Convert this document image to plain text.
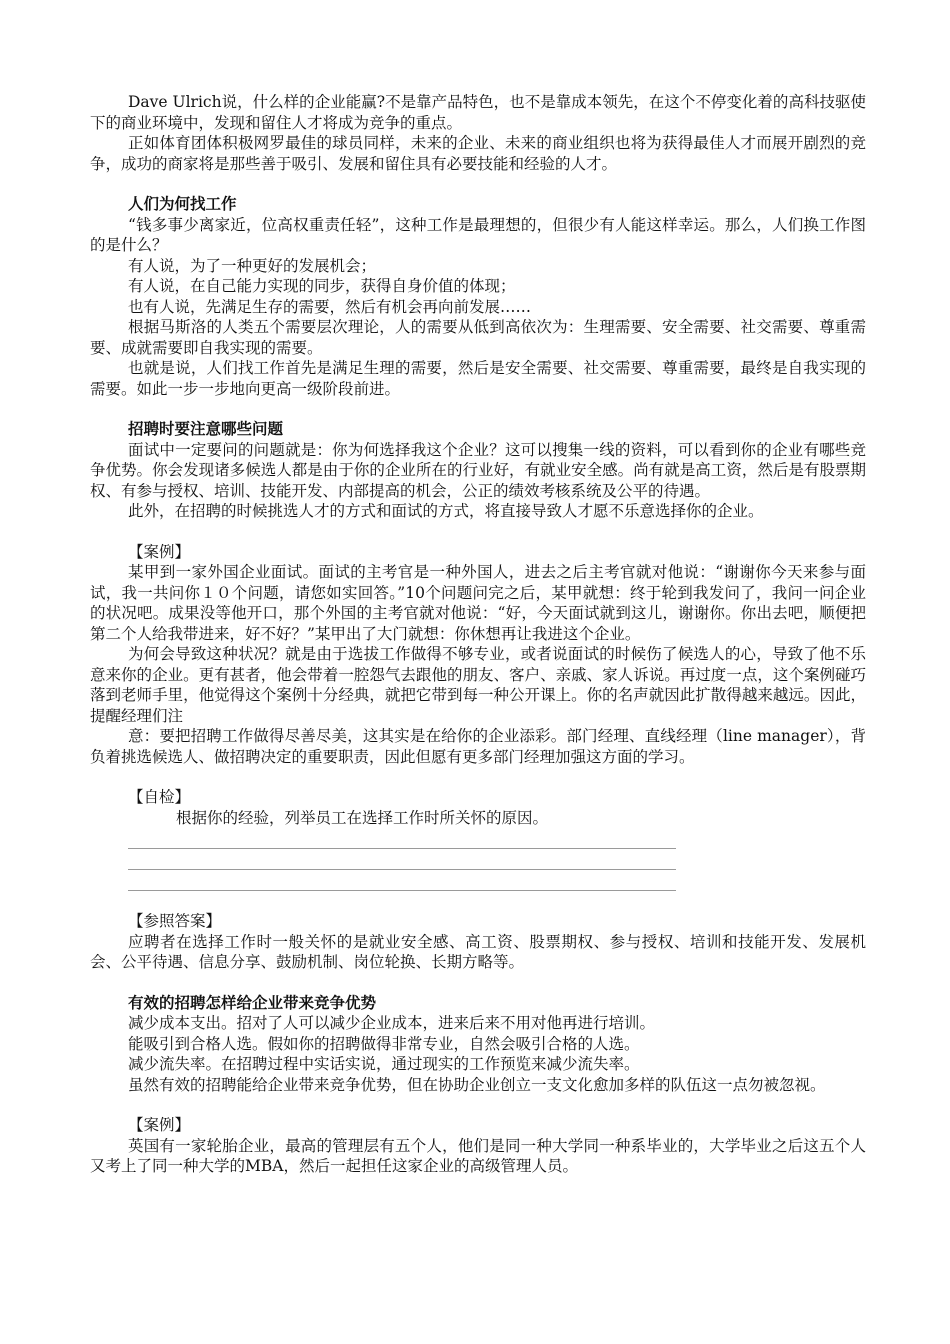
Dave Ulrich说，什么样的企业能赢?不是靠产品特色，也不是靠成本领先，在这个不停变化着的高科技驱使下的商业环境中，发现和留住人才将成为竞争的重点。

正如体育团体积极网罗最佳的球员同样，未来的企业、未来的商业组织也将为获得最佳人才而展开剧烈的竞争，成功的商家将是那些善于吸引、发展和留住具有必要技能和经验的人才。

人们为何找工作

“钱多事少离家近，位高权重责任轻”，这种工作是最理想的，但很少有人能这样幸运。那么，人们换工作图的是什么？

有人说，为了一种更好的发展机会；

有人说，在自己能力实现的同步，获得自身价值的体现；

也有人说，先满足生存的需要，然后有机会再向前发展……

根据马斯洛的人类五个需要层次理论，人的需要从低到高依次为：生理需要、安全需要、社交需要、尊重需要、成就需要即自我实现的需要。

也就是说，人们找工作首先是满足生理的需要，然后是安全需要、社交需要、尊重需要，最终是自我实现的需要。如此一步一步地向更高一级阶段前进。

招聘时要注意哪些问题

面试中一定要问的问题就是：你为何选择我这个企业？这可以搜集一线的资料，可以看到你的企业有哪些竞争优势。你会发现诸多候选人都是由于你的企业所在的行业好，有就业安全感。尚有就是高工资，然后是有股票期权、有参与授权、培训、技能开发、内部提高的机会，公正的绩效考核系统及公平的待遇。

此外，在招聘的时候挑选人才的方式和面试的方式，将直接导致人才愿不乐意选择你的企业。

【案例】

某甲到一家外国企业面试。面试的主考官是一种外国人，进去之后主考官就对他说：“谢谢你今天来参与面试，我一共问你１０个问题，请您如实回答。”10个问题问完之后，某甲就想：终于轮到我发问了，我问一问企业的状况吧。成果没等他开口，那个外国的主考官就对他说：“好，今天面试就到这儿，谢谢你。你出去吧，顺便把第二个人给我带进来，好不好？”某甲出了大门就想：你休想再让我进这个企业。

为何会导致这种状况？就是由于选拔工作做得不够专业，或者说面试的时候伤了候选人的心，导致了他不乐意来你的企业。更有甚者，他会带着一腔怨气去跟他的朋友、客户、亲戚、家人诉说。再过度一点，这个案例碰巧落到老师手里，他觉得这个案例十分经典，就把它带到每一种公开课上。你的名声就因此扩散得越来越远。因此，提醒经理们注

意：要把招聘工作做得尽善尽美，这其实是在给你的企业添彩。部门经理、直线经理（line manager），背负着挑选候选人、做招聘决定的重要职责，因此但愿有更多部门经理加强这方面的学习。

【自检】

根据你的经验，列举员工在选择工作时所关怀的原因。

【参照答案】

应聘者在选择工作时一般关怀的是就业安全感、高工资、股票期权、参与授权、培训和技能开发、发展机会、公平待遇、信息分享、鼓励机制、岗位轮换、长期方略等。

有效的招聘怎样给企业带来竞争优势

减少成本支出。招对了人可以减少企业成本，进来后来不用对他再进行培训。

能吸引到合格人选。假如你的招聘做得非常专业，自然会吸引合格的人选。

减少流失率。在招聘过程中实话实说，通过现实的工作预览来减少流失率。

虽然有效的招聘能给企业带来竞争优势，但在协助企业创立一支文化愈加多样的队伍这一点勿被忽视。

【案例】

英国有一家轮胎企业，最高的管理层有五个人，他们是同一种大学同一种系毕业的，大学毕业之后这五个人又考上了同一种大学的MBA，然后一起担任这家企业的高级管理人员。
